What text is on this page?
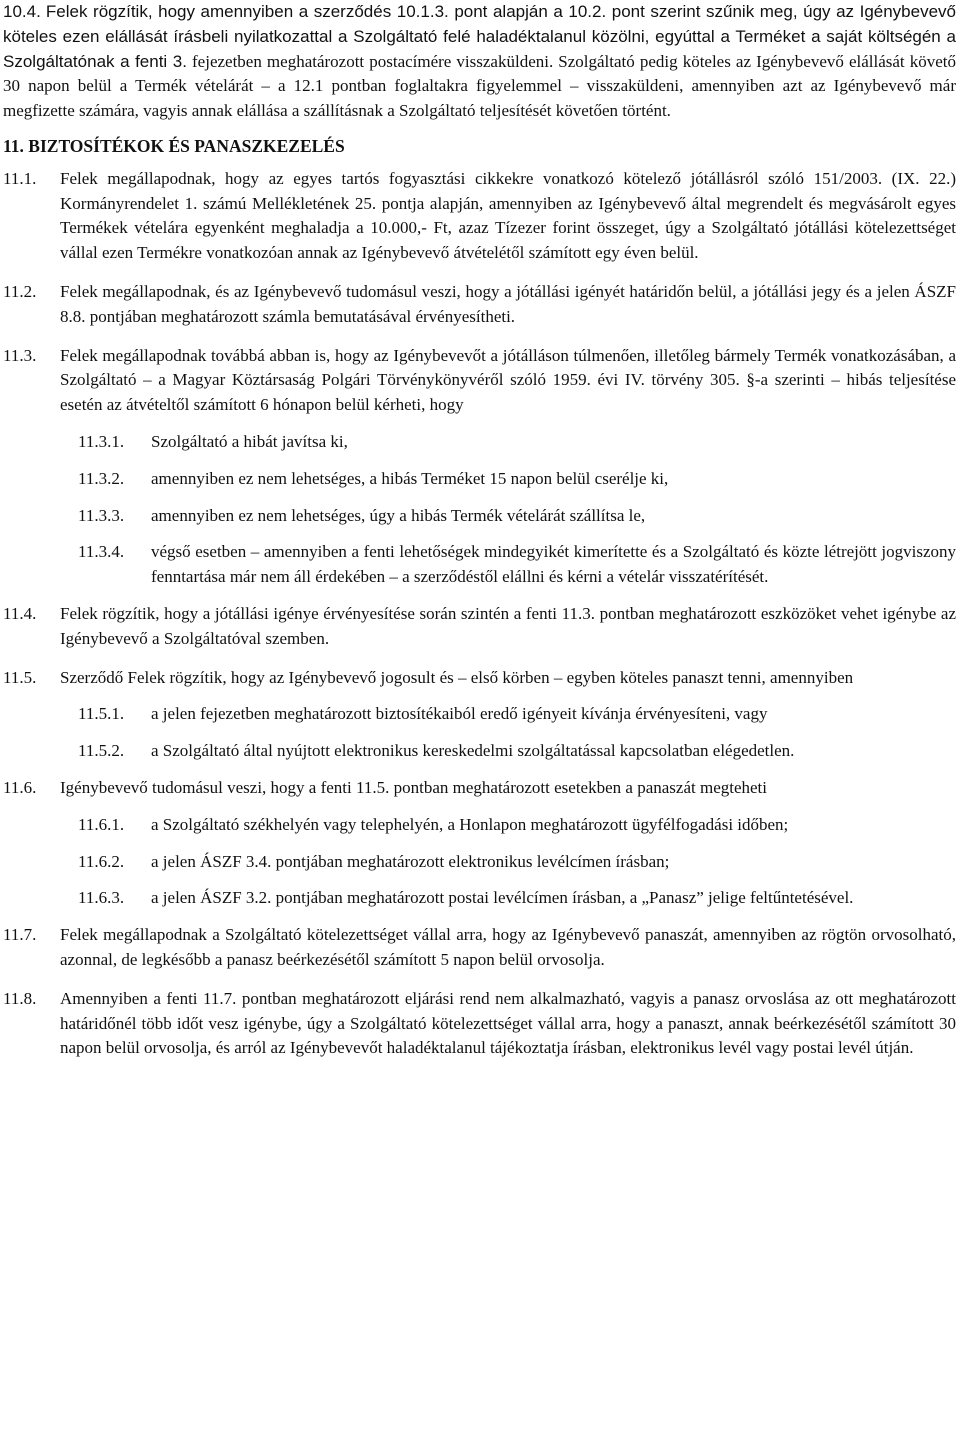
10.4. Felek rögzítik, hogy amennyiben a szerződés 10.1.3. pont alapján a 10.2. pont szerint szűnik meg, úgy az Igénybevevő köteles ezen elállását írásbeli nyilatkozattal a Szolgáltató felé haladéktalanul közölni, egyúttal a Terméket a saját költségén a Szolgáltatónak a fenti 3. fejezetben meghatározott postacímére visszaküldeni. Szolgáltató pedig köteles az Igénybevevő elállását követő 30 napon belül a Termék vételárát – a 12.1 pontban foglaltakra figyelemmel – visszaküldeni, amennyiben azt az Igénybevevő már megfizette számára, vagyis annak elállása a szállításnak a Szolgáltató teljesítését követően történt.
11. BIZTOSÍTÉKOK ÉS PANASZKEZELÉS
11.1.	Felek megállapodnak, hogy az egyes tartós fogyasztási cikkekre vonatkozó kötelező jótállásról szóló 151/2003. (IX. 22.) Kormányrendelet 1. számú Mellékletének 25. pontja alapján, amennyiben az Igénybevevő által megrendelt és megvásárolt egyes Termékek vételára egyenként meghaladja a 10.000,- Ft, azaz Tízezer forint összeget, úgy a Szolgáltató jótállási kötelezettséget vállal ezen Termékre vonatkozóan annak az Igénybevevő átvételétől számított egy éven belül.
11.2.	Felek megállapodnak, és az Igénybevevő tudomásul veszi, hogy a jótállási igényét határidőn belül, a jótállási jegy és a jelen ÁSZF 8.8. pontjában meghatározott számla bemutatásával érvényesítheti.
11.3.	Felek megállapodnak továbbá abban is, hogy az Igénybevevőt a jótálláson túlmenően, illetőleg bármely Termék vonatkozásában, a Szolgáltató – a Magyar Köztársaság Polgári Törvénykönyvéről szóló 1959. évi IV. törvény 305. §-a szerinti – hibás teljesítése esetén az átvételtől számított 6 hónapon belül kérheti, hogy
11.3.1.	Szolgáltató a hibát javítsa ki,
11.3.2.	amennyiben ez nem lehetséges, a hibás Terméket 15 napon belül cserélje ki,
11.3.3.	amennyiben ez nem lehetséges, úgy a hibás Termék vételárát szállítsa le,
11.3.4.	végső esetben – amennyiben a fenti lehetőségek mindegyikét kimerítette és a Szolgáltató és közte létrejött jogviszony fenntartása már nem áll érdekében – a szerződéstől elállni és kérni a vételár visszatérítését.
11.4.	Felek rögzítik, hogy a jótállási igénye érvényesítése során szintén a fenti 11.3. pontban meghatározott eszközöket vehet igénybe az Igénybevevő a Szolgáltatóval szemben.
11.5.	Szerződő Felek rögzítik, hogy az Igénybevevő jogosult és – első körben – egyben köteles panaszt tenni, amennyiben
11.5.1.	a jelen fejezetben meghatározott biztosítékaiból eredő igényeit kívánja érvényesíteni, vagy
11.5.2.	a Szolgáltató által nyújtott elektronikus kereskedelmi szolgáltatással kapcsolatban elégedetlen.
11.6.	Igénybevevő tudomásul veszi, hogy a fenti 11.5. pontban meghatározott esetekben a panaszát megteheti
11.6.1.	a Szolgáltató székhelyén vagy telephelyén, a Honlapon meghatározott ügyfélfogadási időben;
11.6.2.	a jelen ÁSZF 3.4. pontjában meghatározott elektronikus levélcímen írásban;
11.6.3.	a jelen ÁSZF 3.2. pontjában meghatározott postai levélcímen írásban, a „Panasz” jelige feltűntetésével.
11.7.	Felek megállapodnak a Szolgáltató kötelezettséget vállal arra, hogy az Igénybevevő panaszát, amennyiben az rögtön orvosolható, azonnal, de legkésőbb a panasz beérkezésétől számított 5 napon belül orvosolja.
11.8.	Amennyiben a fenti 11.7. pontban meghatározott eljárási rend nem alkalmazható, vagyis a panasz orvoslása az ott meghatározott határidőnél több időt vesz igénybe, úgy a Szolgáltató kötelezettséget vállal arra, hogy a panaszt, annak beérkezésétől számított 30 napon belül orvosolja, és arról az Igénybevevőt haladéktalanul tájékoztatja írásban, elektronikus levél vagy postai levél útján.
